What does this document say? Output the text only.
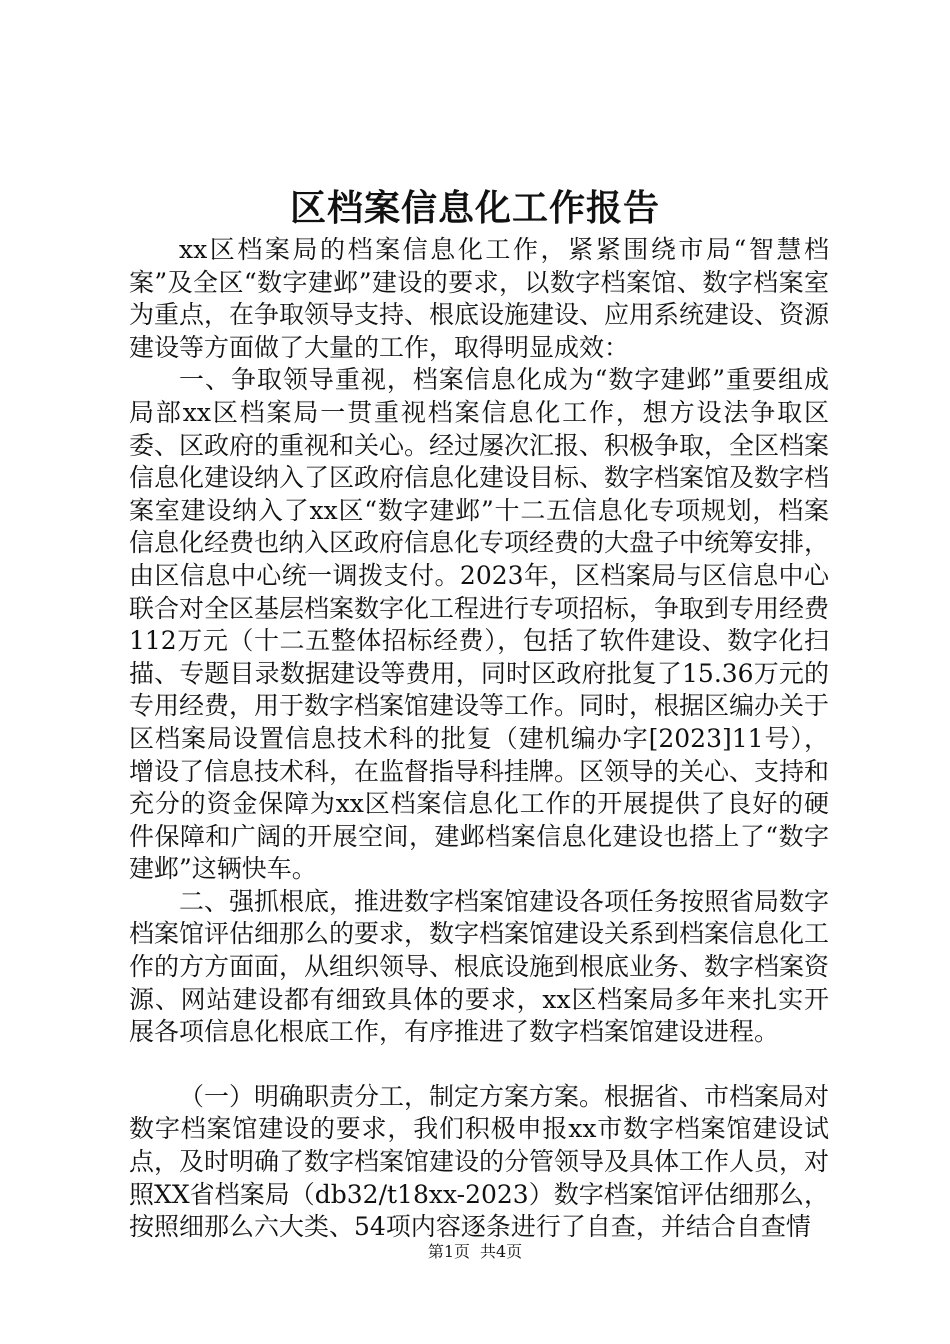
区档案信息化工作报告

xx区档案局的档案信息化工作，紧紧围绕市局“智慧档案”及全区“数字建邺”建设的要求，以数字档案馆、数字档案室为重点，在争取领导支持、根底设施建设、应用系统建设、资源建设等方面做了大量的工作，取得明显成效：

一、争取领导重视，档案信息化成为“数字建邺”重要组成局部xx区档案局一贯重视档案信息化工作，想方设法争取区委、区政府的重视和关心。经过屡次汇报、积极争取，全区档案信息化建设纳入了区政府信息化建设目标、数字档案馆及数字档案室建设纳入了xx区“数字建邺”十二五信息化专项规划，档案信息化经费也纳入区政府信息化专项经费的大盘子中统筹安排，由区信息中心统一调拨支付。2023年，区档案局与区信息中心联合对全区基层档案数字化工程进行专项招标，争取到专用经费112万元（十二五整体招标经费），包括了软件建设、数字化扫描、专题目录数据建设等费用，同时区政府批复了15.36万元的专用经费，用于数字档案馆建设等工作。同时，根据区编办关于区档案局设置信息技术科的批复（建机编办字[2023]11号），增设了信息技术科，在监督指导科挂牌。区领导的关心、支持和充分的资金保障为xx区档案信息化工作的开展提供了良好的硬件保障和广阔的开展空间，建邺档案信息化建设也搭上了“数字建邺”这辆快车。

二、强抓根底，推进数字档案馆建设各项任务按照省局数字档案馆评估细那么的要求，数字档案馆建设关系到档案信息化工作的方方面面，从组织领导、根底设施到根底业务、数字档案资源、网站建设都有细致具体的要求，xx区档案局多年来扎实开展各项信息化根底工作，有序推进了数字档案馆建设进程。

（一）明确职责分工，制定方案方案。根据省、市档案局对数字档案馆建设的要求，我们积极申报xx市数字档案馆建设试点，及时明确了数字档案馆建设的分管领导及具体工作人员，对照XX省档案局（db32/t18xx-2023）数字档案馆评估细那么，按照细那么六大类、54项内容逐条进行了自查，并结合自查情

第1页 共4页
